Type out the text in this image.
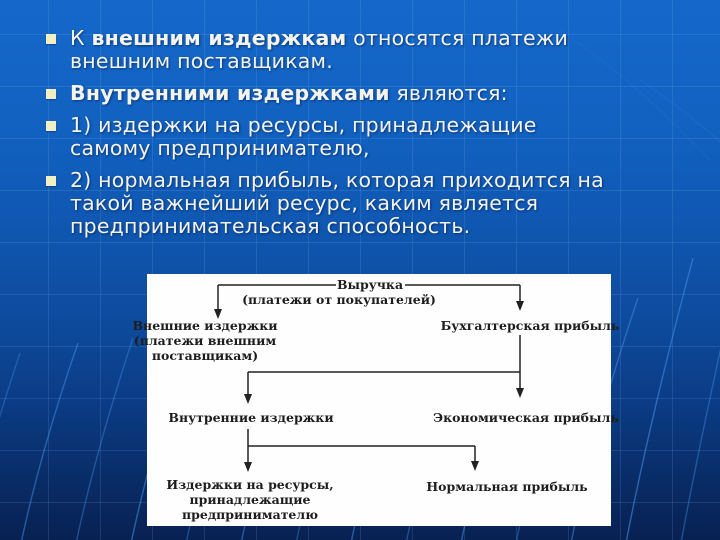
К внешним издержкам относятся платежи
внешним поставщикам.
Внутренними издержками являются:
1) издержки на ресурсы, принадлежащие
самому предпринимателю,
2) нормальная прибыль, которая приходится на
такой важнейший ресурс, каким является
предпринимательская способность.
Выручка
(платежи от покупателей)
Внешние издержки
(платежи внешним
поставщикам)
Бухгалтерская прибыль
Внутренние издержки	Экономическая прибыль
Издержки на ресурсы,
принадлежащие
предпринимателю
Нормальная прибыль
